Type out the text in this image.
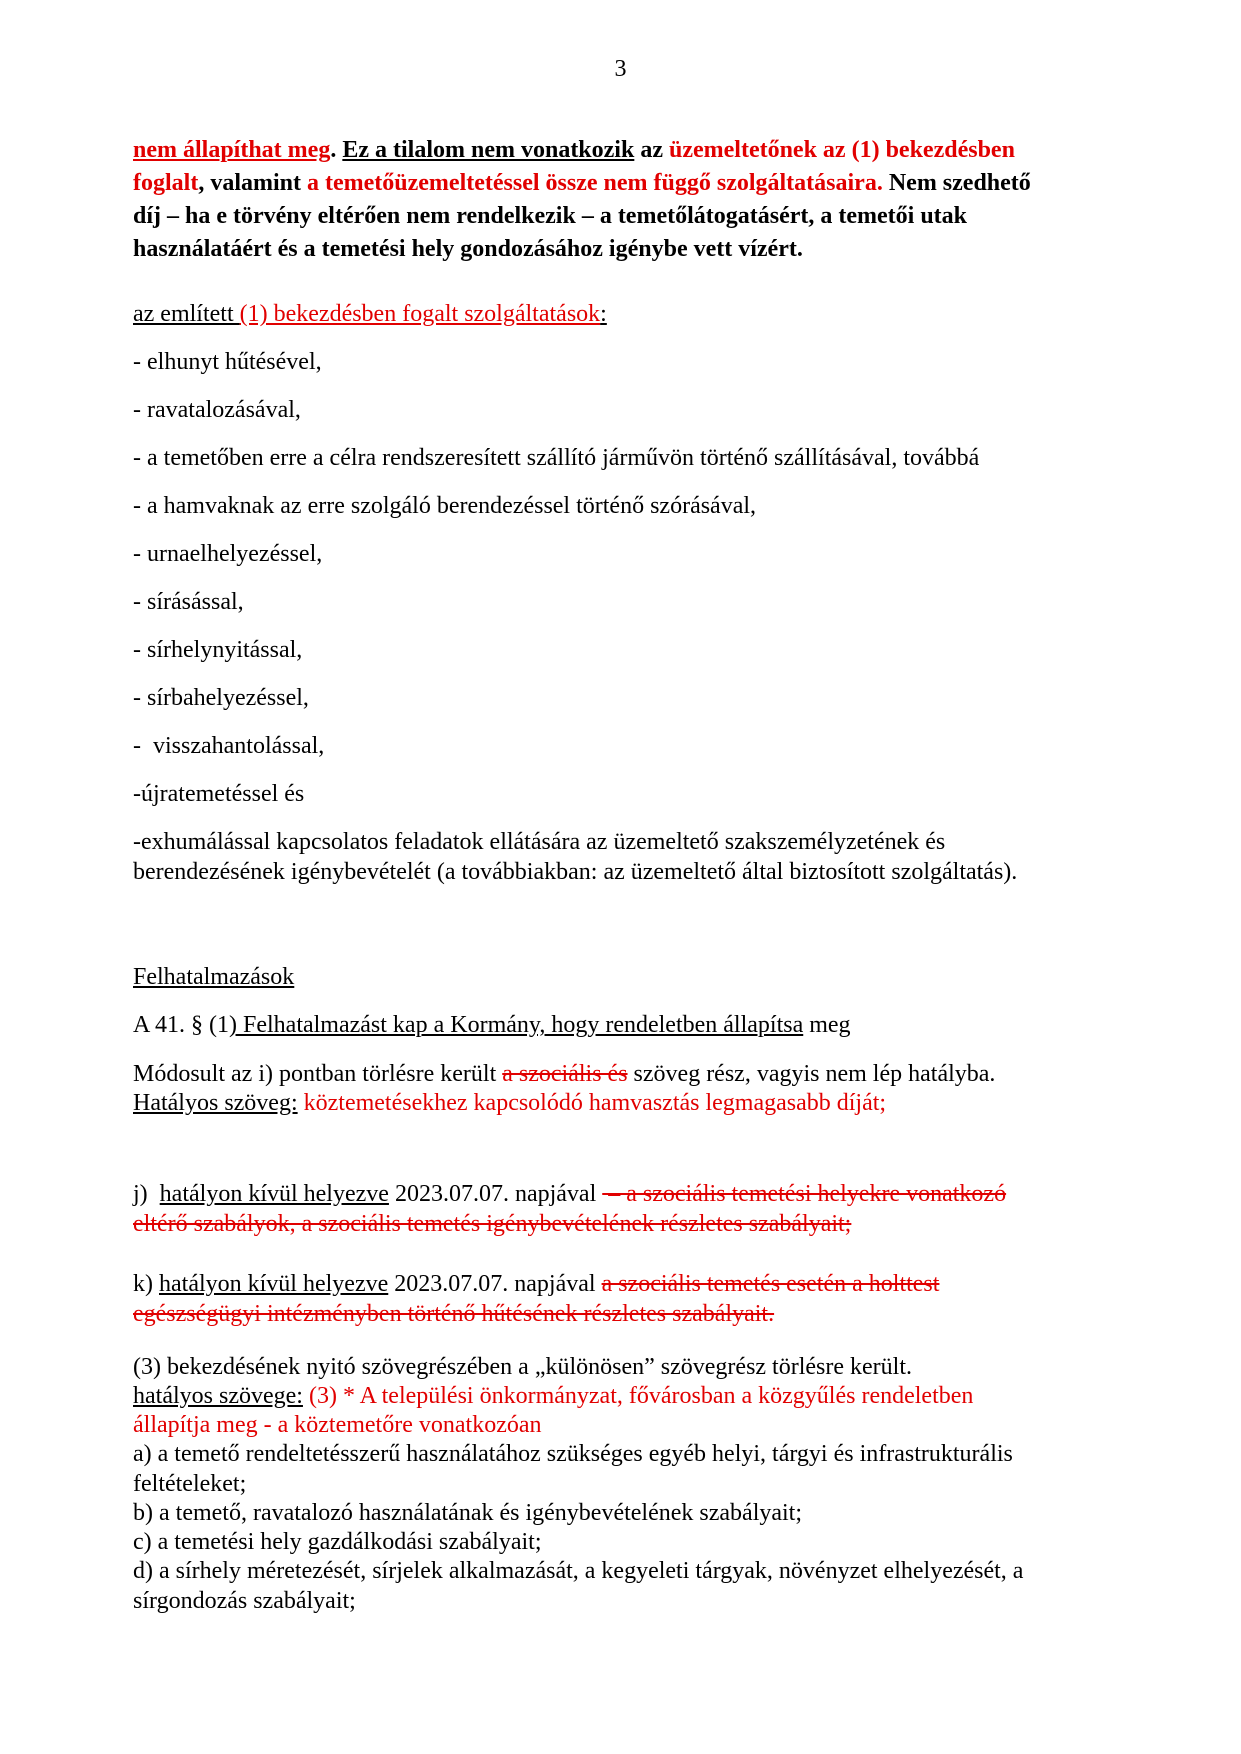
3

nem állapíthat meg. Ez a tilalom nem vonatkozik az üzemeltetőnek az (1) bekezdésben
foglalt, valamint a temetőüzemeltetéssel össze nem függő szolgáltatásaira. Nem szedhető
díj – ha e törvény eltérően nem rendelkezik – a temetőlátogatásért, a temetői utak
használatáért és a temetési hely gondozásához igénybe vett vízért.

az említett (1) bekezdésben fogalt szolgáltatások:

- elhunyt hűtésével,

- ravatalozásával,

- a temetőben erre a célra rendszeresített szállító járművön történő szállításával, továbbá

- a hamvaknak az erre szolgáló berendezéssel történő szórásával,

- urnaelhelyezéssel,

- sírásással,

- sírhelynyitással,

- sírbahelyezéssel,

-  visszahantolással,

-újratemetéssel és

-exhumálással kapcsolatos feladatok ellátására az üzemeltető szakszemélyzetének és
berendezésének igénybevételét (a továbbiakban: az üzemeltető által biztosított szolgáltatás).

Felhatalmazások

A 41. § (1) Felhatalmazást kap a Kormány, hogy rendeletben állapítsa meg

Módosult az i) pontban törlésre került a szociális és szöveg rész, vagyis nem lép hatályba.

Hatályos szöveg: köztemetésekhez kapcsolódó hamvasztás legmagasabb díját;

j)  hatályon kívül helyezve 2023.07.07. napjával  – a szociális temetési helyekre vonatkozó
eltérő szabályok, a szociális temetés igénybevételének részletes szabályait;

k) hatályon kívül helyezve 2023.07.07. napjával a szociális temetés esetén a holttest
egészségügyi intézményben történő hűtésének részletes szabályait.

(3) bekezdésének nyitó szövegrészében a „különösen” szövegrész törlésre került.

hatályos szövege: (3) * A települési önkormányzat, fővárosban a közgyűlés rendeletben
állapítja meg - a köztemetőre vonatkozóan

a) a temető rendeltetésszerű használatához szükséges egyéb helyi, tárgyi és infrastrukturális
feltételeket;

b) a temető, ravatalozó használatának és igénybevételének szabályait;

c) a temetési hely gazdálkodási szabályait;

d) a sírhely méretezését, sírjelek alkalmazását, a kegyeleti tárgyak, növényzet elhelyezését, a
sírgondozás szabályait;
